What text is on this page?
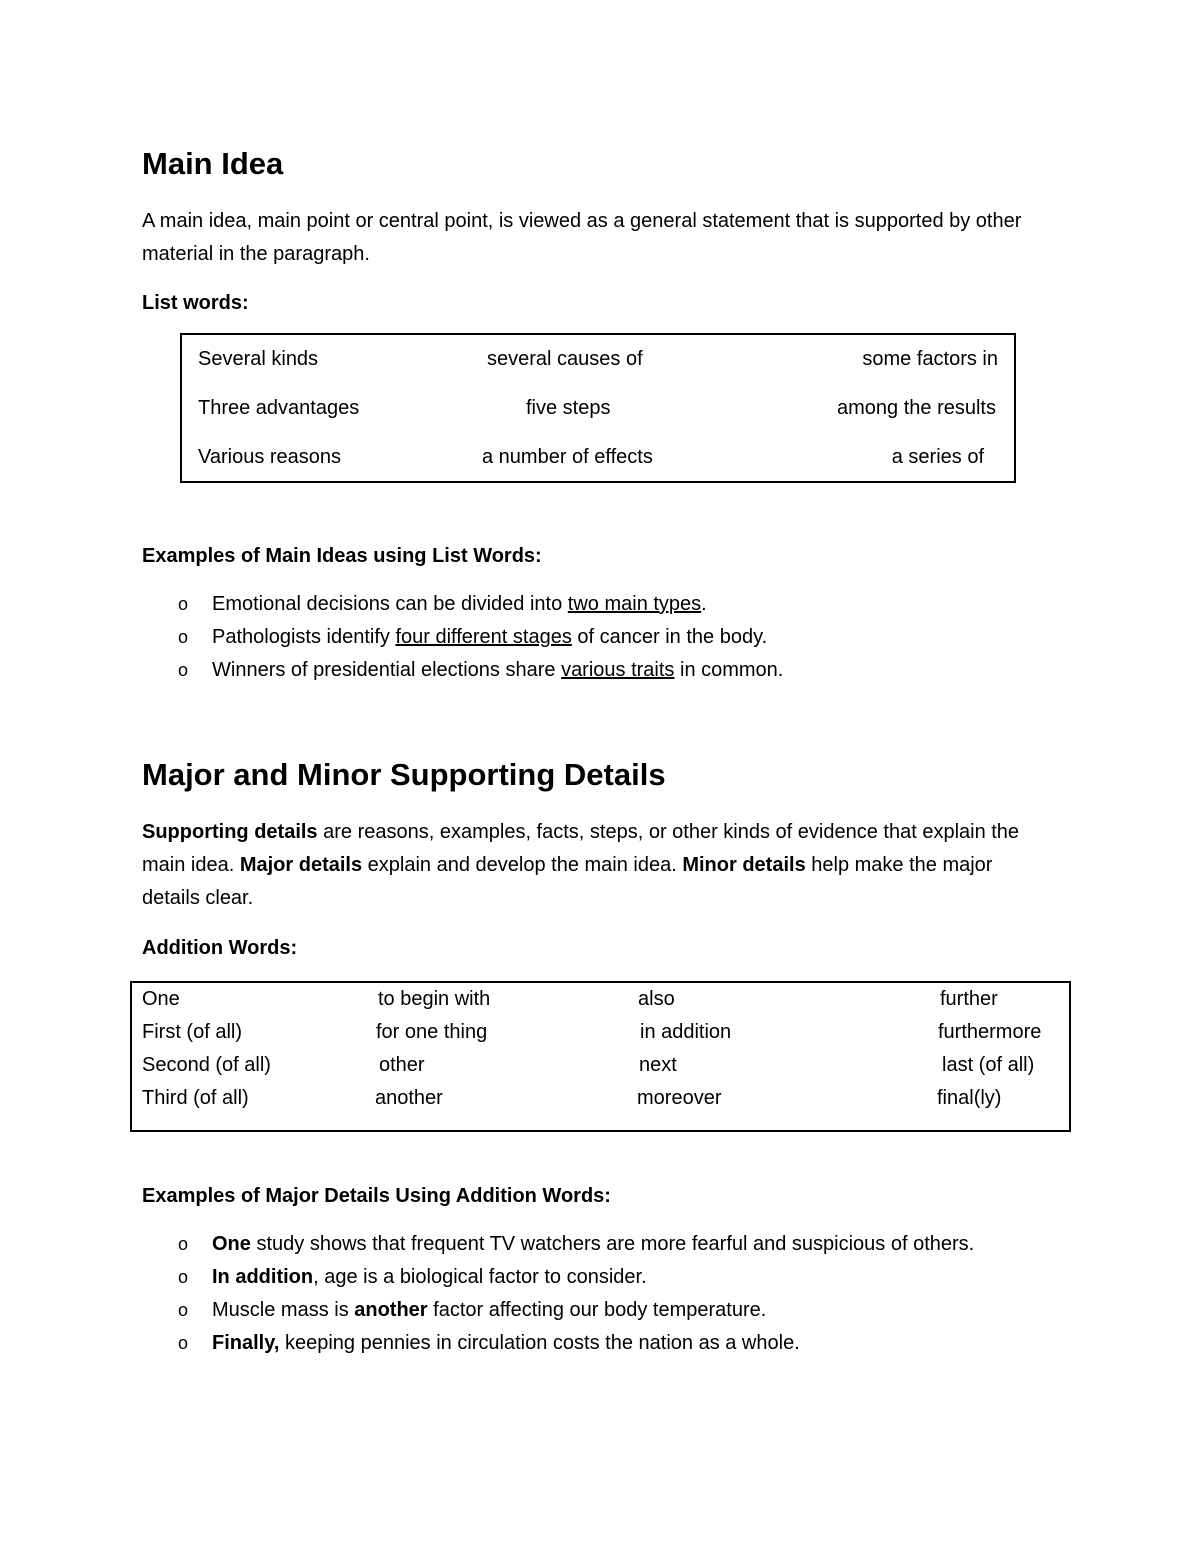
Main Idea
A main idea, main point or central point, is viewed as a general statement that is supported by other material in the paragraph.
List words:
Several kinds	several causes of	some factors in
Three advantages	five steps	among the results
Various reasons	a number of effects	a series of
Examples of Main Ideas using List Words:
o Emotional decisions can be divided into two main types.
o Pathologists identify four different stages of cancer in the body.
o Winners of presidential elections share various traits in common.
Major and Minor Supporting Details
Supporting details are reasons, examples, facts, steps, or other kinds of evidence that explain the main idea. Major details explain and develop the main idea. Minor details help make the major details clear.
Addition Words:
One	to begin with	also	further
First (of all)	for one thing	in addition	furthermore
Second (of all)	other	next	last (of all)
Third (of all)	another	moreover	final(ly)
Examples of Major Details Using Addition Words:
o One study shows that frequent TV watchers are more fearful and suspicious of others.
o In addition, age is a biological factor to consider.
o Muscle mass is another factor affecting our body temperature.
o Finally, keeping pennies in circulation costs the nation as a whole.
